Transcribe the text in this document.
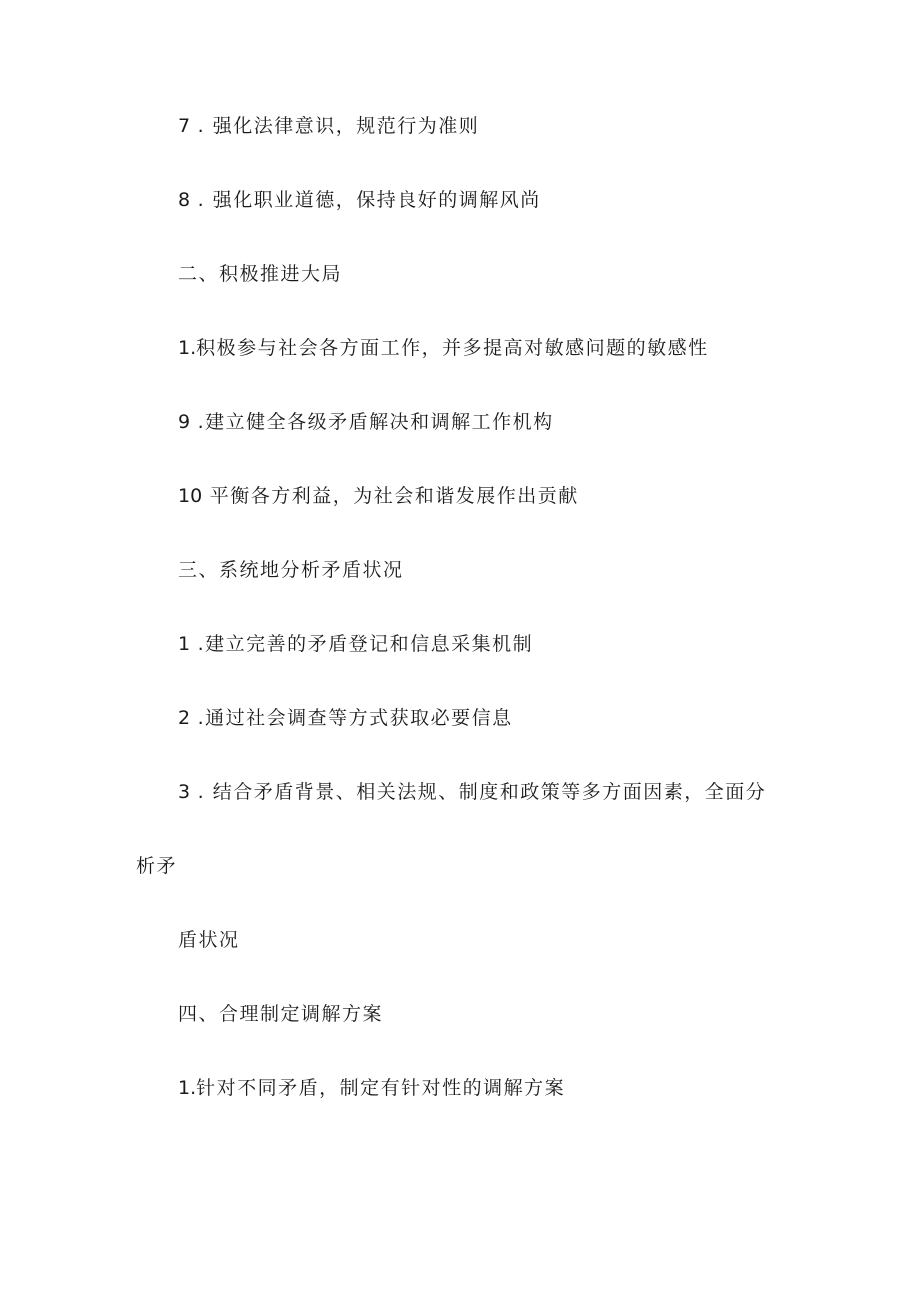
7 . 强化法律意识，规范行为准则
8 . 强化职业道德，保持良好的调解风尚
二、积极推进大局
1.积极参与社会各方面工作，并多提高对敏感问题的敏感性
9 .建立健全各级矛盾解决和调解工作机构
10 平衡各方利益，为社会和谐发展作出贡献
三、系统地分析矛盾状况
1 .建立完善的矛盾登记和信息采集机制
2 .通过社会调查等方式获取必要信息
3 . 结合矛盾背景、相关法规、制度和政策等多方面因素，全面分
析矛
盾状况
四、合理制定调解方案
1.针对不同矛盾，制定有针对性的调解方案
